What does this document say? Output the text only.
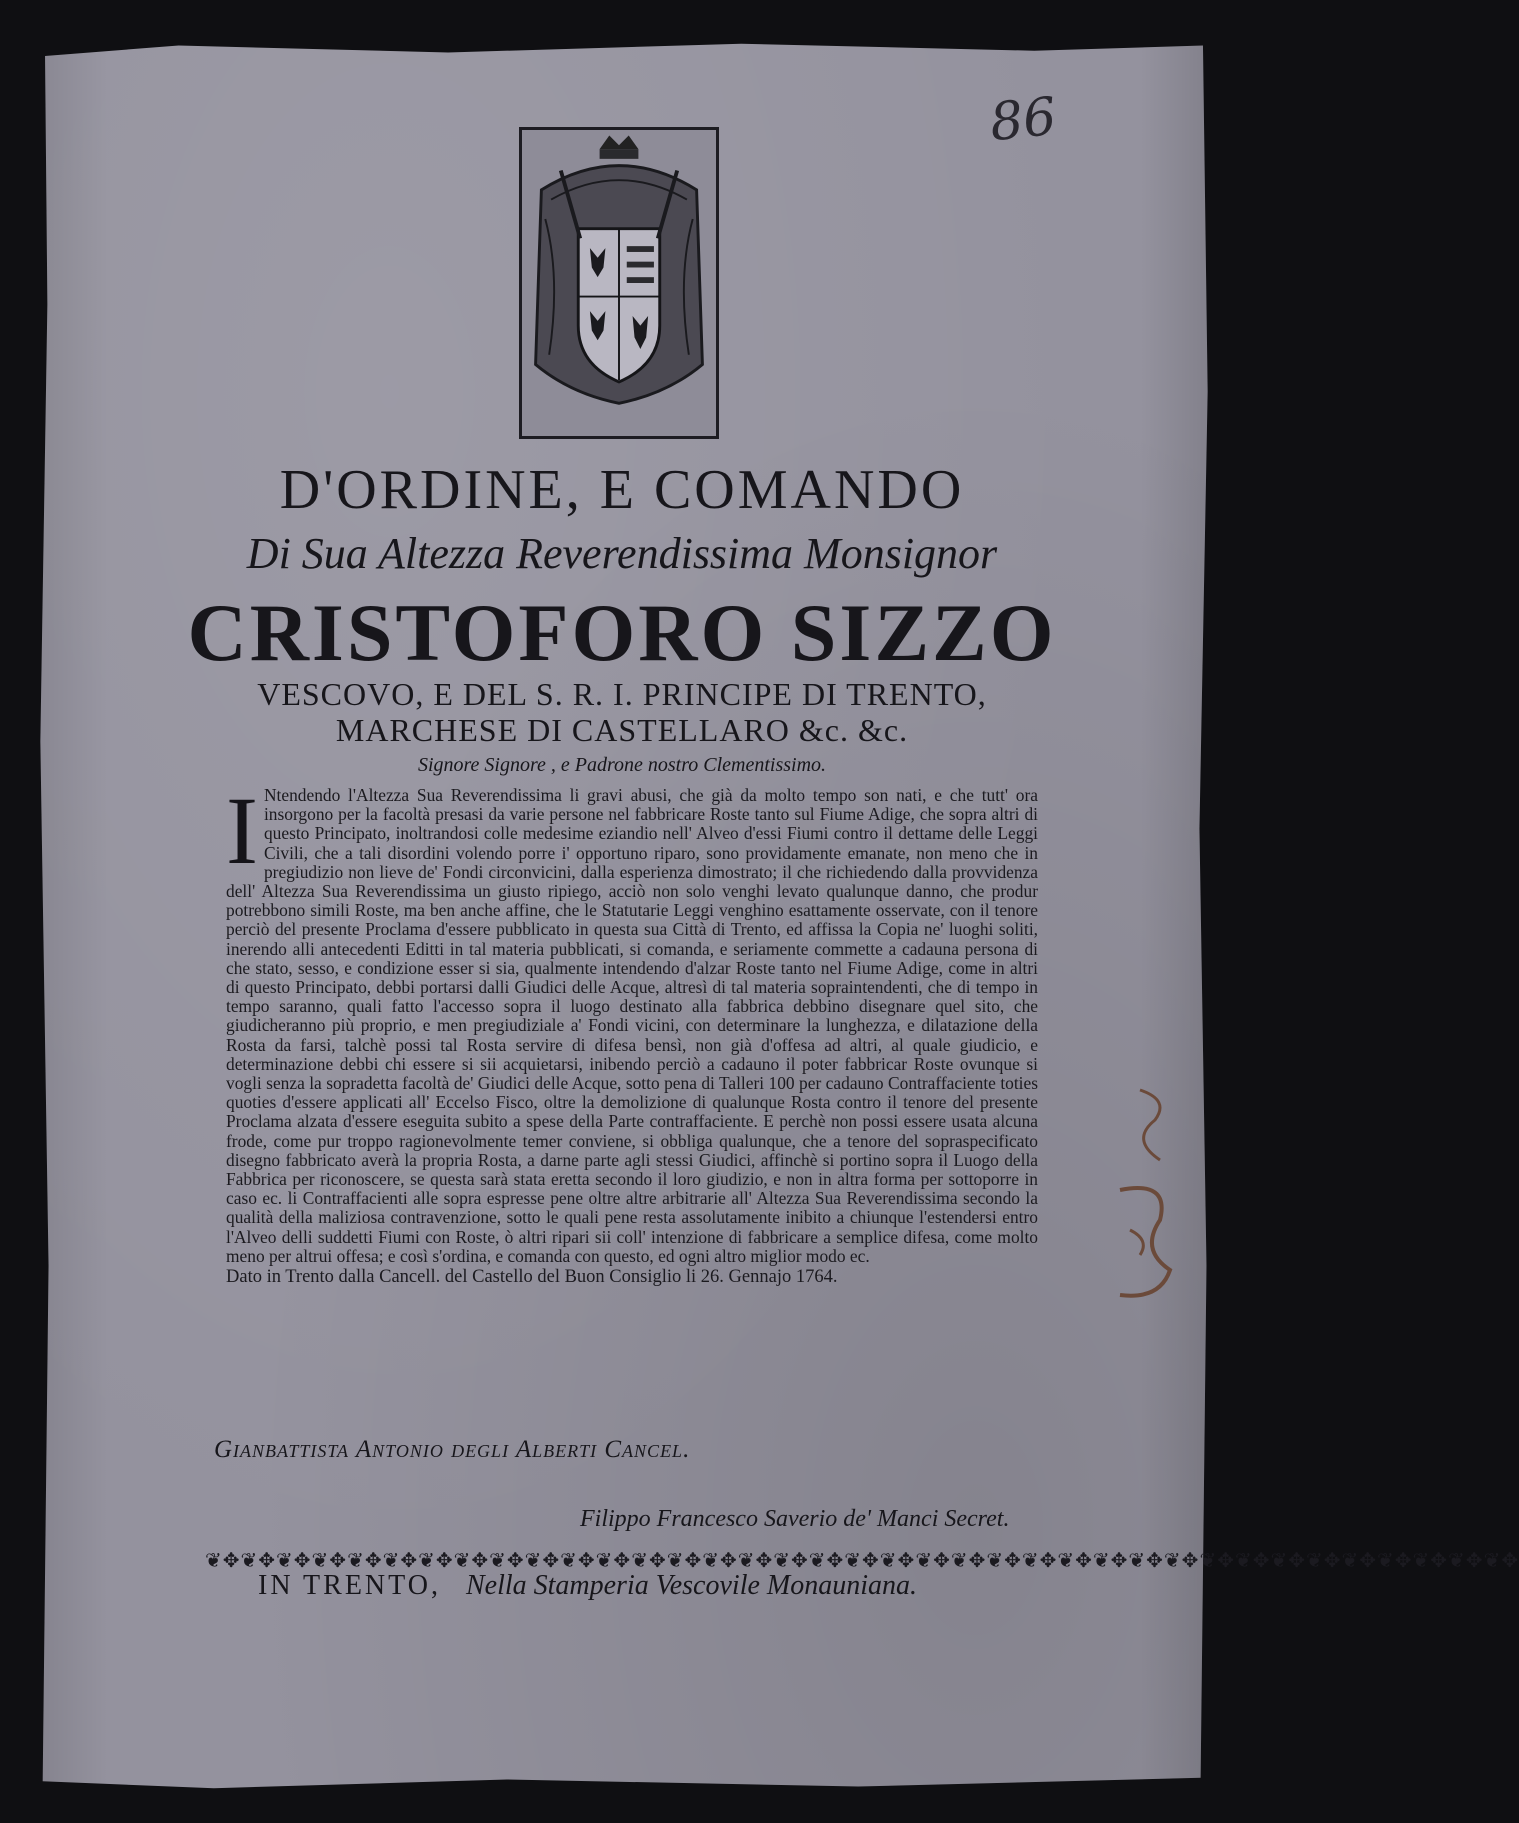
86
D'ORDINE, E COMANDO
Di Sua Altezza Reverendissima Monsignor
CRISTOFORO SIZZO
VESCOVO, E DEL S. R. I. PRINCIPE DI TRENTO,
MARCHESE DI CASTELLARO &c. &c.
Signore Signore , e Padrone nostro Clementissimo.
I Ntendendo l'Altezza Sua Reverendissima li gravi abusi, che già da molto tempo son nati, e che tutt' ora insorgono per la facoltà presasi da varie persone nel fabbricare Roste tanto sul Fiume Adige, che sopra altri di questo Principato, inoltrandosi colle medesime eziandio nell' Alveo d'essi Fiumi contro il dettame delle Leggi Civili, che a tali disordini volendo porre i' opportuno riparo, sono providamente emanate, non meno che in pregiudizio non lieve de' Fondi circonvicini, dalla esperienza dimostrato; il che richiedendo dalla provvidenza dell' Altezza Sua Reverendissima un giusto ripiego, acciò non solo venghi levato qualunque danno, che produr potrebbono simili Roste, ma ben anche affine, che le Statutarie Leggi venghino esattamente osservate, con il tenore perciò del presente Proclama d'essere pubblicato in questa sua Città di Trento, ed affissa la Copia ne' luoghi soliti, inerendo alli antecedenti Editti in tal materia pubblicati, si comanda, e seriamente commette a cadauna persona di che stato, sesso, e condizione esser si sia, qualmente intendendo d'alzar Roste tanto nel Fiume Adige, come in altri di questo Principato, debbi portarsi dalli Giudici delle Acque, altresì di tal materia sopraintendenti, che di tempo in tempo saranno, quali fatto l'accesso sopra il luogo destinato alla fabbrica debbino disegnare quel sito, che giudicheranno più proprio, e men pregiudiziale a' Fondi vicini, con determinare la lunghezza, e dilatazione della Rosta da farsi, talchè possi tal Rosta servire di difesa bensì, non già d'offesa ad altri, al quale giudicio, e determinazione debbi chi essere si sii acquietarsi, inibendo perciò a cadauno il poter fabbricar Roste ovunque si vogli senza la sopradetta facoltà de' Giudici delle Acque, sotto pena di Talleri 100 per cadauno Contraffaciente toties quoties d'essere applicati all' Eccelso Fisco, oltre la demolizione di qualunque Rosta contro il tenore del presente Proclama alzata d'essere eseguita subito a spese della Parte contraffaciente. E perchè non possi essere usata alcuna frode, come pur troppo ragionevolmente temer conviene, si obbliga qualunque, che a tenore del sopraspecificato disegno fabbricato averà la propria Rosta, a darne parte agli stessi Giudici, affinchè si portino sopra il Luogo della Fabbrica per riconoscere, se questa sarà stata eretta secondo il loro giudizio, e non in altra forma per sottoporre in caso ec. li Contraffacienti alle sopra espresse pene oltre altre arbitrarie all' Altezza Sua Reverendissima secondo la qualità della maliziosa contravenzione, sotto le quali pene resta assolutamente inibito a chiunque l'estendersi entro l'Alveo delli suddetti Fiumi con Roste, ò altri ripari sii coll' intenzione di fabbricare a semplice difesa, come molto meno per altrui offesa; e così s'ordina, e comanda con questo, ed ogni altro miglior modo ec.
Dato in Trento dalla Cancell. del Castello del Buon Consiglio li 26. Gennajo 1764.
Gianbattista Antonio degli Alberti Cancel.
Filippo Francesco Saverio de' Manci Secret.
❦✥❦✥❦✥❦✥❦✥❦✥❦✥❦✥❦✥❦✥❦✥❦✥❦✥❦✥❦✥❦✥❦✥❦✥❦✥❦✥❦✥❦✥❦✥❦✥❦✥❦✥❦✥❦✥❦✥❦✥❦✥❦✥❦✥❦✥❦✥❦✥❦✥
IN TRENTO, Nella Stamperia Vescovile Monauniana.
